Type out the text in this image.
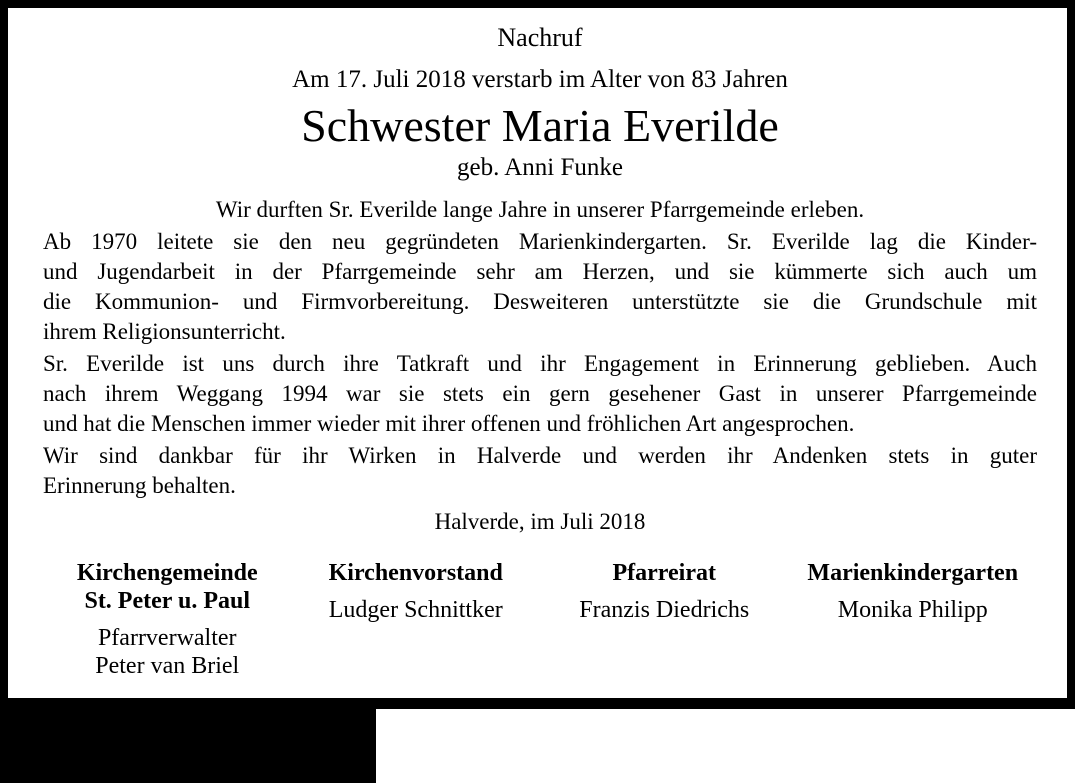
Nachruf
Am 17. Juli 2018 verstarb im Alter von 83 Jahren
Schwester Maria Everilde
geb. Anni Funke
Wir durften Sr. Everilde lange Jahre in unserer Pfarrgemeinde erleben.
Ab 1970 leitete sie den neu gegründeten Marienkindergarten. Sr. Everilde lag die Kinder-
und Jugendarbeit in der Pfarrgemeinde sehr am Herzen, und sie kümmerte sich auch um
die Kommunion- und Firmvorbereitung. Desweiteren unterstützte sie die Grundschule mit
ihrem Religionsunterricht.
Sr. Everilde ist uns durch ihre Tatkraft und ihr Engagement in Erinnerung geblieben. Auch
nach ihrem Weggang 1994 war sie stets ein gern gesehener Gast in unserer Pfarrgemeinde
und hat die Menschen immer wieder mit ihrer offenen und fröhlichen Art angesprochen.
Wir sind dankbar für ihr Wirken in Halverde und werden ihr Andenken stets in guter
Erinnerung behalten.
Halverde, im Juli 2018
Kirchengemeinde
St. Peter u. Paul
Pfarrverwalter
Peter van Briel
Kirchenvorstand
Ludger Schnittker
Pfarreirat
Franzis Diedrichs
Marienkindergarten
Monika Philipp
